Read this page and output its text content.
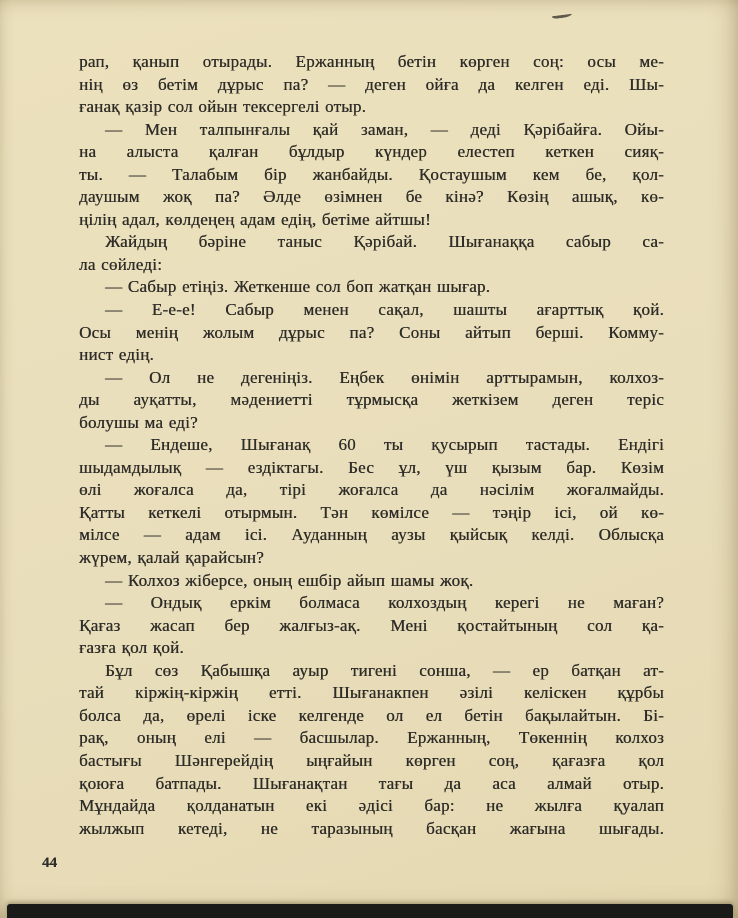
рап, қанып отырады. Ержанның бетін көрген соң: осы ме-
нің өз бетім дұрыс па? — деген ойға да келген еді. Шы-
ғанақ қазір сол ойын тексергелі отыр.
— Мен талпынғалы қай заман, — деді Қәрібайға. Ойы-
на алыста қалған бұлдыр күндер елестеп кеткен сияқ-
ты. — Талабым бір жанбайды. Қостаушым кем бе, қол-
даушым жоқ па? Әлде өзімнен бе кінә? Көзің ашық, кө-
ңілің адал, көлдеңең адам едің, бетіме айтшы!
Жайдың бәріне таныс Қәрібай. Шығанаққа сабыр са-
ла сөйледі:
— Сабыр етіңіз. Жеткенше сол боп жатқан шығар.
— Е-е-е! Сабыр менен сақал, шашты ағарттық қой.
Осы менің жолым дұрыс па? Соны айтып берші. Комму-
нист едің.
— Ол не дегеніңіз. Еңбек өнімін арттырамын, колхоз-
ды ауқатты, мәдениетті тұрмысқа жеткізем деген теріс
болушы ма еді?
— Ендеше, Шығанақ 60 ты қусырып тастады. Ендігі
шыдамдылық — ездіктагы. Бес ұл, үш қызым бар. Көзім
өлі жоғалса да, тірі жоғалса да нәсілім жоғалмайды.
Қатты кеткелі отырмын. Тән көмілсе — тәңір ісі, ой кө-
мілсе — адам ісі. Ауданның аузы қыйсық келді. Облысқа
жүрем, қалай қарайсын?
— Колхоз жіберсе, оның ешбір айып шамы жоқ.
— Ондық еркім болмаса колхоздың керегі не маған?
Қағаз жасап бер жалғыз-ақ. Мені қостайтының сол қа-
ғазға қол қой.
Бұл сөз Қабышқа ауыр тигені сонша, — ер батқан ат-
тай кіржің-кіржің етті. Шығанакпен әзілі келіскен құрбы
болса да, өрелі іске келгенде ол ел бетін бақылайтын. Бі-
рақ, оның елі — басшылар. Ержанның, Төкеннің колхоз
бастығы Шәнгерейдің ыңғайын көрген соң, қағазға қол
қоюға батпады. Шығанақтан тағы да аса алмай отыр.
Мұндайда қолданатын екі әдісі бар: не жылға қуалап
жылжып кетеді, не таразының басқан жағына шығады.
44
